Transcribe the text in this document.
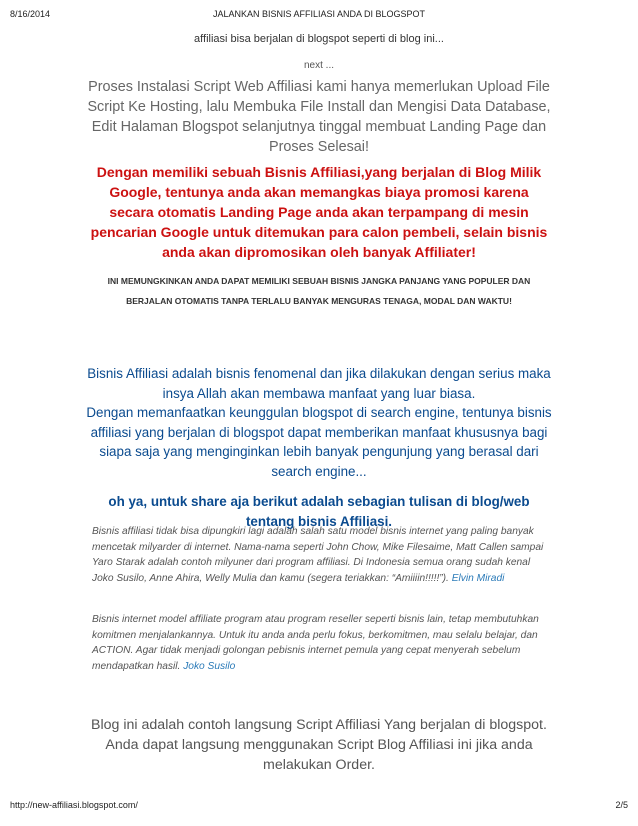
8/16/2014	JALANKAN BISNIS AFFILIASI ANDA DI BLOGSPOT
affiliasi bisa berjalan di blogspot seperti di blog ini...
next ...
Proses Instalasi Script Web Affiliasi kami hanya memerlukan Upload File Script Ke Hosting, lalu Membuka File Install dan Mengisi Data Database, Edit Halaman Blogspot selanjutnya tinggal membuat Landing Page dan Proses Selesai!
Dengan memiliki sebuah Bisnis Affiliasi,yang berjalan di Blog Milik Google, tentunya anda akan memangkas biaya promosi karena secara otomatis Landing Page anda akan terpampang di mesin pencarian Google untuk ditemukan para calon pembeli, selain bisnis anda akan dipromosikan oleh banyak Affiliater!
INI MEMUNGKINKAN ANDA DAPAT MEMILIKI SEBUAH BISNIS JANGKA PANJANG YANG POPULER DAN BERJALAN OTOMATIS TANPA TERLALU BANYAK MENGURAS TENAGA, MODAL DAN WAKTU!
Bisnis Affiliasi adalah bisnis fenomenal dan jika dilakukan dengan serius maka insya Allah akan membawa manfaat yang luar biasa.
Dengan memanfaatkan keunggulan blogspot di search engine, tentunya bisnis affiliasi yang berjalan di blogspot dapat memberikan manfaat khususnya bagi siapa saja yang menginginkan lebih banyak pengunjung yang berasal dari search engine...
oh ya, untuk share aja berikut adalah sebagian tulisan di blog/web tentang bisnis Affiliasi.
Bisnis affiliasi tidak bisa dipungkiri lagi adalah salah satu model bisnis internet yang paling banyak mencetak milyarder di internet. Nama-nama seperti John Chow, Mike Filesaime, Matt Callen sampai Yaro Starak adalah contoh milyuner dari program affiliasi. Di Indonesia semua orang sudah kenal Joko Susilo, Anne Ahira, Welly Mulia dan kamu (segera teriakkan: “Amiiiin!!!!!”). Elvin Miradi
Bisnis internet model affiliate program atau program reseller seperti bisnis lain, tetap membutuhkan komitmen menjalankannya. Untuk itu anda anda perlu fokus, berkomitmen, mau selalu belajar, dan ACTION. Agar tidak menjadi golongan pebisnis internet pemula yang cepat menyerah sebelum mendapatkan hasil. Joko Susilo
Blog ini adalah contoh langsung Script Affiliasi Yang berjalan di blogspot.
Anda dapat langsung menggunakan Script Blog Affiliasi ini jika anda melakukan Order.
http://new-affiliasi.blogspot.com/	2/5
